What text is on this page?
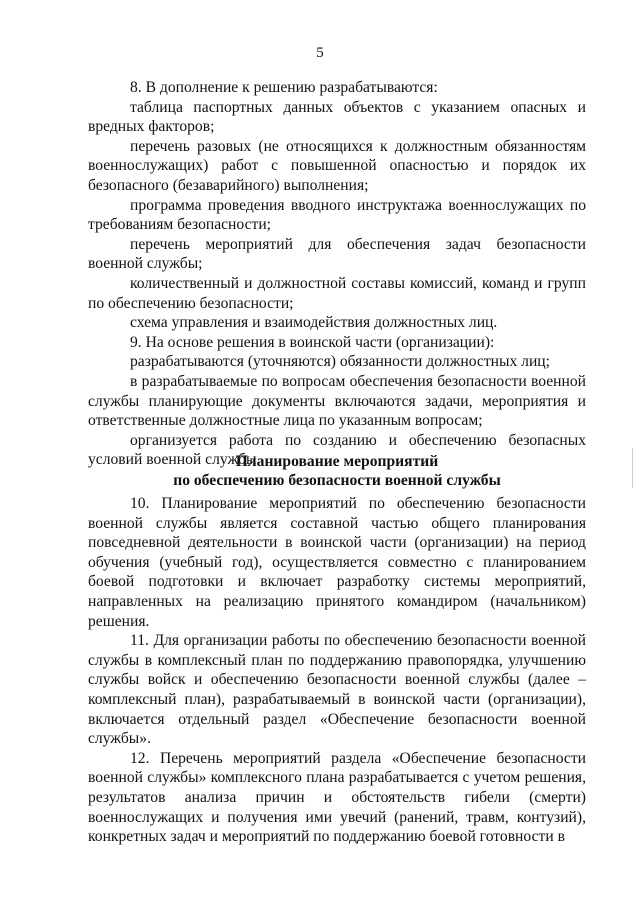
5

8. В дополнение к решению разрабатываются:

таблица паспортных данных объектов с указанием опасных и вредных факторов;

перечень разовых (не относящихся к должностным обязанностям военнослужащих) работ с повышенной опасностью и порядок их безопасного (безаварийного) выполнения;

программа проведения вводного инструктажа военнослужащих по требованиям безопасности;

перечень мероприятий для обеспечения задач безопасности военной службы;

количественный и должностной составы комиссий, команд и групп по обеспечению безопасности;

схема управления и взаимодействия должностных лиц.

9. На основе решения в воинской части (организации):

разрабатываются (уточняются) обязанности должностных лиц;

в разрабатываемые по вопросам обеспечения безопасности военной службы планирующие документы включаются задачи, мероприятия и ответственные должностные лица по указанным вопросам;

организуется работа по созданию и обеспечению безопасных условий военной службы.

Планирование мероприятий
по обеспечению безопасности военной службы

10. Планирование мероприятий по обеспечению безопасности военной службы является составной частью общего планирования повседневной деятельности в воинской части (организации) на период обучения (учебный год), осуществляется совместно с планированием боевой подготовки и включает разработку системы мероприятий, направленных на реализацию принятого командиром (начальником) решения.

11. Для организации работы по обеспечению безопасности военной службы в комплексный план по поддержанию правопорядка, улучшению службы войск и обеспечению безопасности военной службы (далее – комплексный план), разрабатываемый в воинской части (организации), включается отдельный раздел «Обеспечение безопасности военной службы».

12. Перечень мероприятий раздела «Обеспечение безопасности военной службы» комплексного плана разрабатывается с учетом решения, результатов анализа причин и обстоятельств гибели (смерти) военнослужащих и получения ими увечий (ранений, травм, контузий), конкретных задач и мероприятий по поддержанию боевой готовности в
